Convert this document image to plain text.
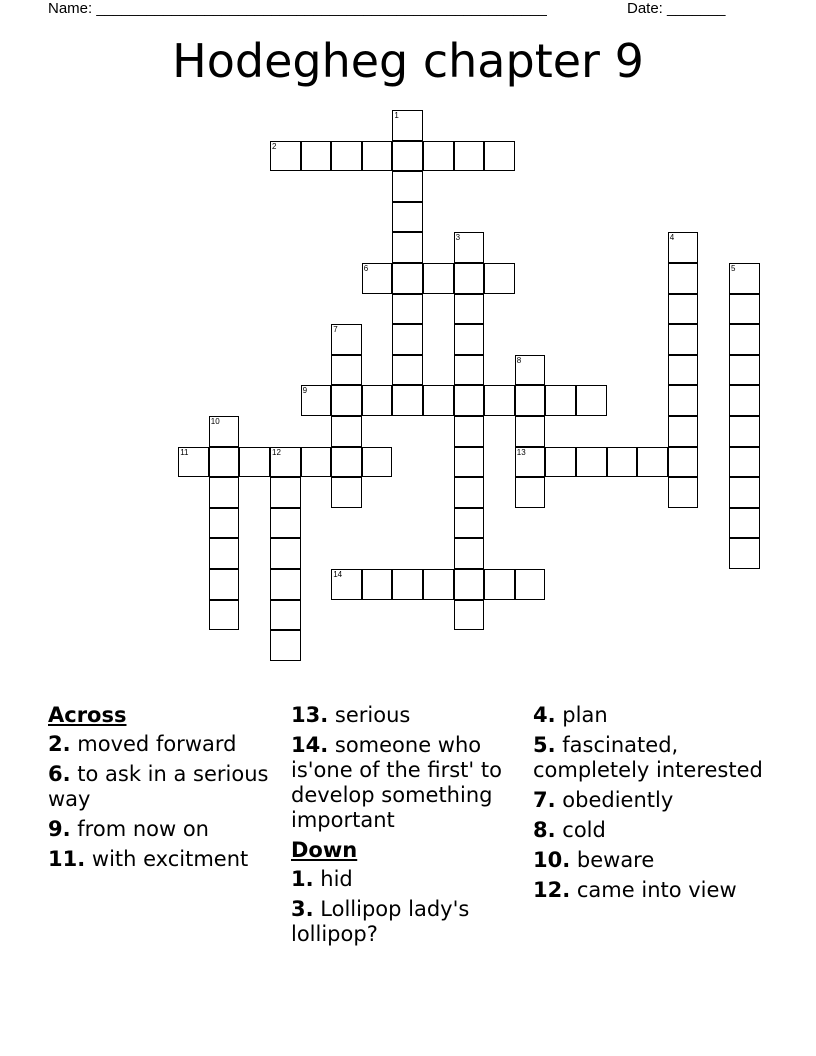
Name: ______________________________________________________	Date: _______
Hodegheg chapter 9
2
6
9
11	12	13
14
1
3	4
5
7
8
10
Across
2. moved forward
6. to ask in a serious way
9. from now on
11. with excitment
13. serious
14. someone who is'one of the first' to develop something important
Down
1. hid
3. Lollipop lady's lollipop?
4. plan
5. fascinated, completely interested
7. obediently
8. cold
10. beware
12. came into view
